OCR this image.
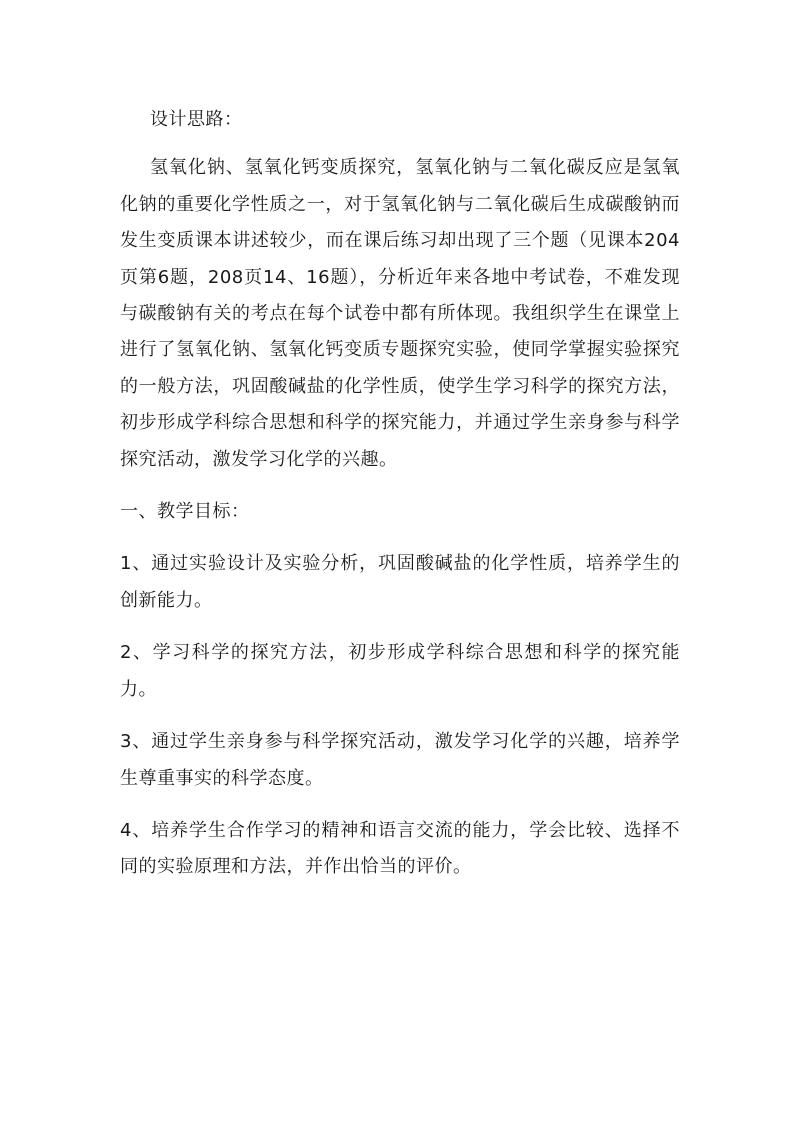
设计思路：

氢氧化钠、氢氧化钙变质探究，氢氧化钠与二氧化碳反应是氢氧化钠的重要化学性质之一，对于氢氧化钠与二氧化碳后生成碳酸钠而发生变质课本讲述较少，而在课后练习却出现了三个题（见课本204页第6题，208页14、16题），分析近年来各地中考试卷，不难发现与碳酸钠有关的考点在每个试卷中都有所体现。我组织学生在课堂上进行了氢氧化钠、氢氧化钙变质专题探究实验，使同学掌握实验探究的一般方法，巩固酸碱盐的化学性质，使学生学习科学的探究方法，初步形成学科综合思想和科学的探究能力，并通过学生亲身参与科学探究活动，激发学习化学的兴趣。

一、教学目标：

1、通过实验设计及实验分析，巩固酸碱盐的化学性质，培养学生的创新能力。

2、学习科学的探究方法，初步形成学科综合思想和科学的探究能力。

3、通过学生亲身参与科学探究活动，激发学习化学的兴趣，培养学生尊重事实的科学态度。

4、培养学生合作学习的精神和语言交流的能力，学会比较、选择不同的实验原理和方法，并作出恰当的评价。
